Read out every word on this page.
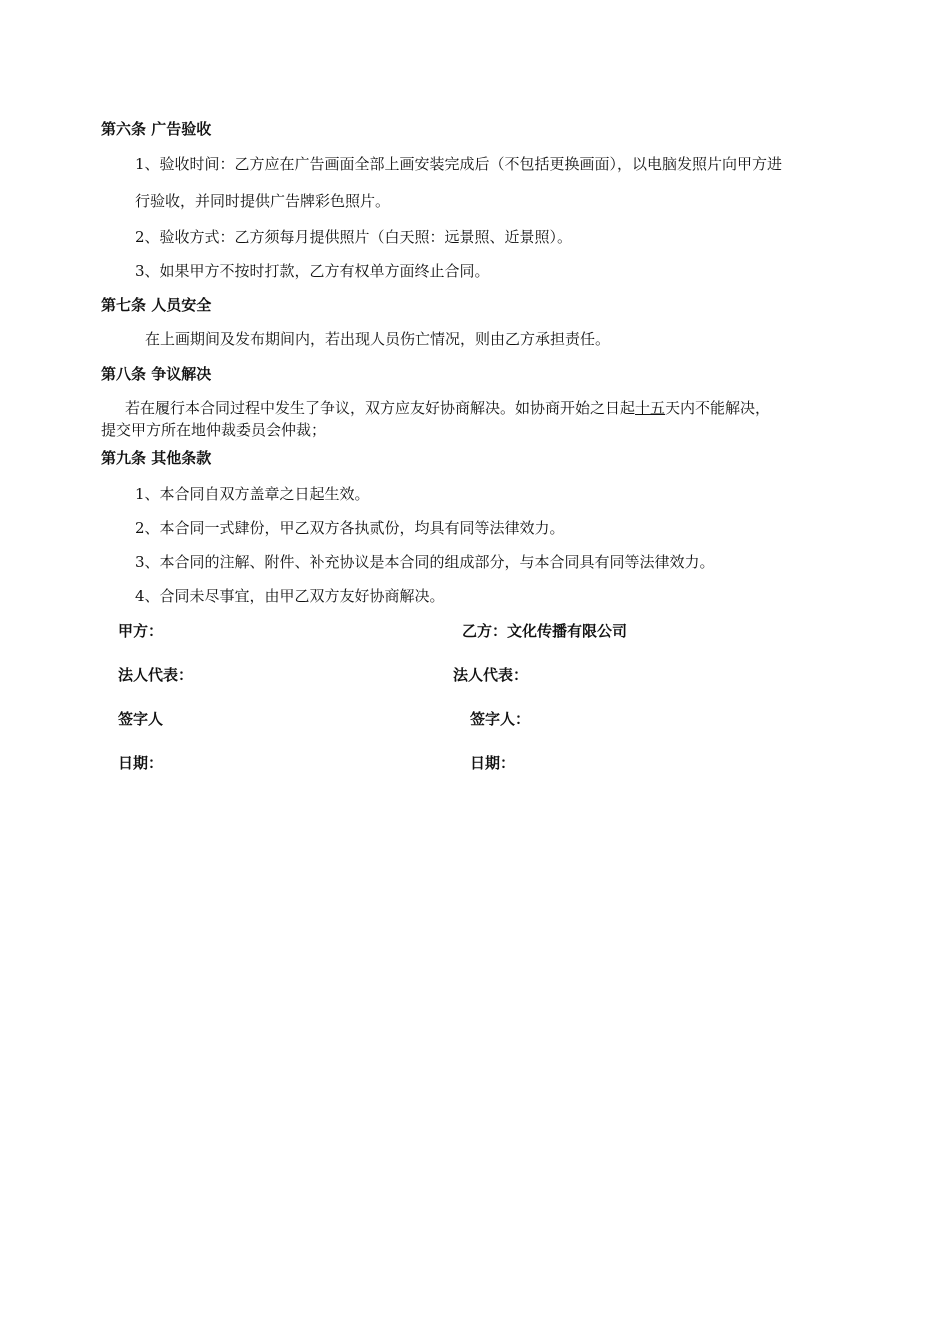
第六条 广告验收
1、验收时间：乙方应在广告画面全部上画安装完成后（不包括更换画面），以电脑发照片向甲方进
行验收，并同时提供广告牌彩色照片。
2、验收方式：乙方须每月提供照片（白天照：远景照、近景照）。
3、如果甲方不按时打款，乙方有权单方面终止合同。
第七条 人员安全
在上画期间及发布期间内，若出现人员伤亡情况，则由乙方承担责任。
第八条 争议解决
若在履行本合同过程中发生了争议，双方应友好协商解决。如协商开始之日起十五天内不能解决，
提交甲方所在地仲裁委员会仲裁；
第九条 其他条款
1、本合同自双方盖章之日起生效。
2、本合同一式肆份，甲乙双方各执贰份，均具有同等法律效力。
3、本合同的注解、附件、补充协议是本合同的组成部分，与本合同具有同等法律效力。
4、合同未尽事宜，由甲乙双方友好协商解决。
甲方：	乙方：文化传播有限公司
法人代表：	法人代表：
签字人	签字人：
日期：	日期：
